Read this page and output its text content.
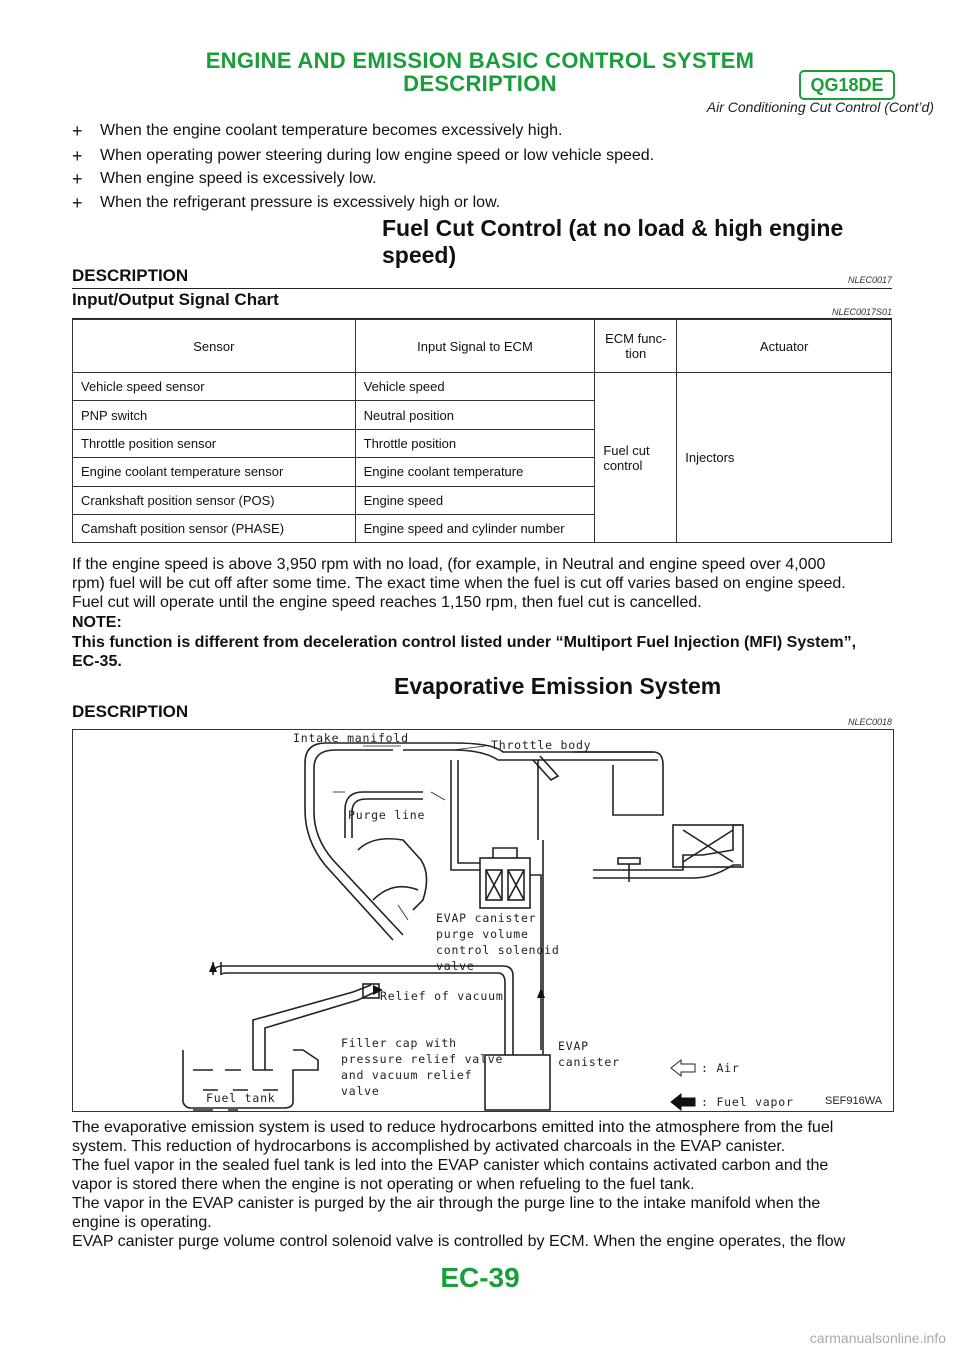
ENGINE AND EMISSION BASIC CONTROL SYSTEM
DESCRIPTION	QG18DE
Air Conditioning Cut Control (Cont’d)
+ When the engine coolant temperature becomes excessively high.
+ When operating power steering during low engine speed or low vehicle speed.
+ When engine speed is excessively low.
+ When the refrigerant pressure is excessively high or low.
Fuel Cut Control (at no load & high engine
speed)
DESCRIPTION	NLEC0017
Input/Output Signal Chart
NLEC0017S01
Sensor	Input Signal to ECM	ECM func- tion	Actuator
Vehicle speed sensor	Vehicle speed	Fuel cut control	Injectors
PNP switch	Neutral position		
Throttle position sensor	Throttle position		
Engine coolant temperature sensor	Engine coolant temperature		
Crankshaft position sensor (POS)	Engine speed		
Camshaft position sensor (PHASE)	Engine speed and cylinder number		
If the engine speed is above 3,950 rpm with no load, (for example, in Neutral and engine speed over 4,000
rpm) fuel will be cut off after some time. The exact time when the fuel is cut off varies based on engine speed.
Fuel cut will operate until the engine speed reaches 1,150 rpm, then fuel cut is cancelled.
NOTE:
This function is different from deceleration control listed under “Multiport Fuel Injection (MFI) System”,
EC-35.
Evaporative Emission System
DESCRIPTION
NLEC0018
Intake manifold	Throttle body
Purge line
EVAP canister
purge volume
control solenoid
valve
Relief of vacuum
Filler cap with
pressure relief valve
and vacuum relief
valve
EVAP
canister
Fuel tank
: Air
: Fuel vapor	SEF916WA
The evaporative emission system is used to reduce hydrocarbons emitted into the atmosphere from the fuel
system. This reduction of hydrocarbons is accomplished by activated charcoals in the EVAP canister.
The fuel vapor in the sealed fuel tank is led into the EVAP canister which contains activated carbon and the
vapor is stored there when the engine is not operating or when refueling to the fuel tank.
The vapor in the EVAP canister is purged by the air through the purge line to the intake manifold when the
engine is operating.
EVAP canister purge volume control solenoid valve is controlled by ECM. When the engine operates, the flow
EC-39
carmanualsonline.info
